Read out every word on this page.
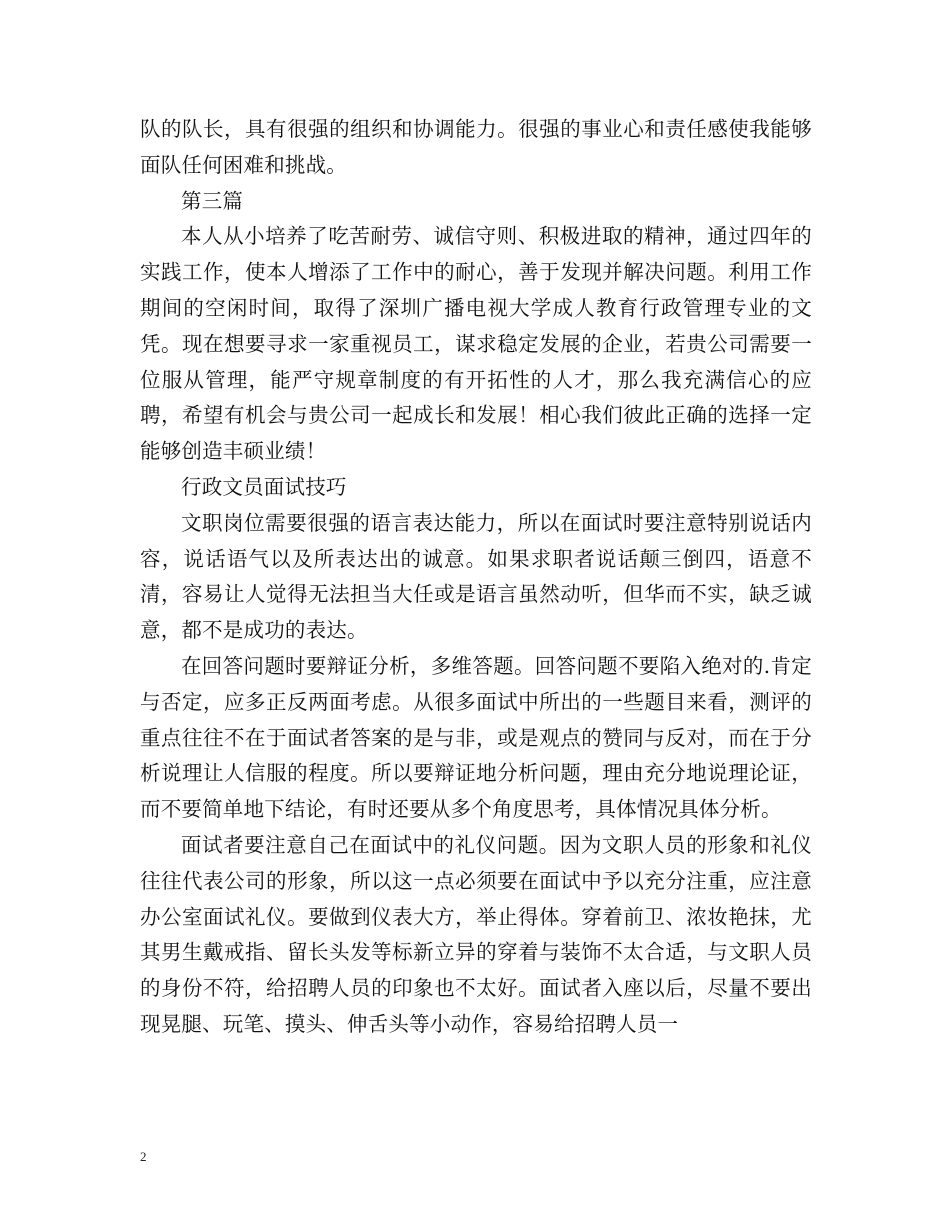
队的队长，具有很强的组织和协调能力。很强的事业心和责任感使我能够面队任何困难和挑战。

第三篇

本人从小培养了吃苦耐劳、诚信守则、积极进取的精神，通过四年的实践工作，使本人增添了工作中的耐心，善于发现并解决问题。利用工作期间的空闲时间，取得了深圳广播电视大学成人教育行政管理专业的文凭。现在想要寻求一家重视员工，谋求稳定发展的企业，若贵公司需要一位服从管理，能严守规章制度的有开拓性的人才，那么我充满信心的应聘，希望有机会与贵公司一起成长和发展！相心我们彼此正确的选择一定能够创造丰硕业绩！

行政文员面试技巧

文职岗位需要很强的语言表达能力，所以在面试时要注意特别说话内容，说话语气以及所表达出的诚意。如果求职者说话颠三倒四，语意不清，容易让人觉得无法担当大任或是语言虽然动听，但华而不实，缺乏诚意，都不是成功的表达。

在回答问题时要辩证分析，多维答题。回答问题不要陷入绝对的.肯定与否定，应多正反两面考虑。从很多面试中所出的一些题目来看，测评的重点往往不在于面试者答案的是与非，或是观点的赞同与反对，而在于分析说理让人信服的程度。所以要辩证地分析问题，理由充分地说理论证，而不要简单地下结论，有时还要从多个角度思考，具体情况具体分析。

面试者要注意自己在面试中的礼仪问题。因为文职人员的形象和礼仪往往代表公司的形象，所以这一点必须要在面试中予以充分注重，应注意办公室面试礼仪。要做到仪表大方，举止得体。穿着前卫、浓妆艳抹，尤其男生戴戒指、留长头发等标新立异的穿着与装饰不太合适，与文职人员的身份不符，给招聘人员的印象也不太好。面试者入座以后，尽量不要出现晃腿、玩笔、摸头、伸舌头等小动作，容易给招聘人员一

2
